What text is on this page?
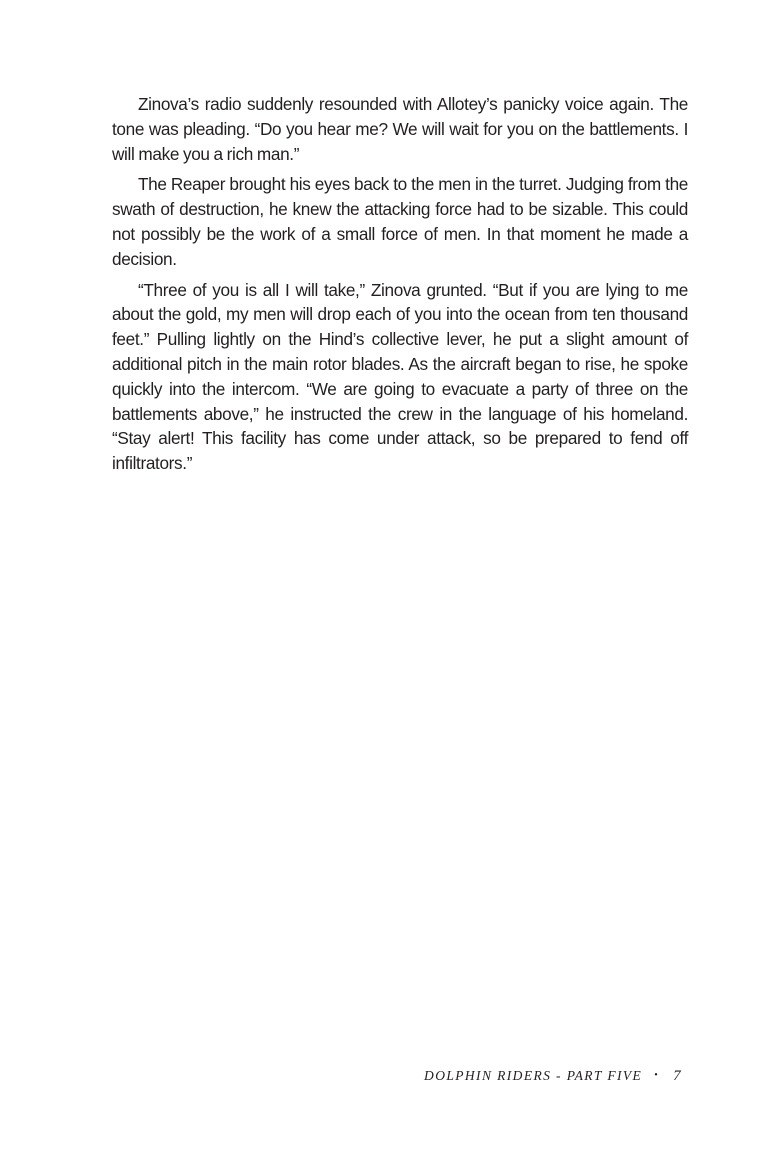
Zinova’s radio suddenly resounded with Allotey’s panicky voice again. The tone was pleading. “Do you hear me? We will wait for you on the battlements. I will make you a rich man.”

The Reaper brought his eyes back to the men in the turret. Judging from the swath of destruction, he knew the attacking force had to be sizable. This could not possibly be the work of a small force of men. In that moment he made a decision.

“Three of you is all I will take,” Zinova grunted. “But if you are lying to me about the gold, my men will drop each of you into the ocean from ten thousand feet.” Pulling lightly on the Hind’s collective lever, he put a slight amount of additional pitch in the main rotor blades. As the aircraft began to rise, he spoke quickly into the intercom. “We are going to evacuate a party of three on the battlements above,” he instructed the crew in the language of his homeland. “Stay alert! This facility has come under attack, so be prepared to fend off infiltrators.”

DOLPHIN RIDERS - PART FIVE • 7
